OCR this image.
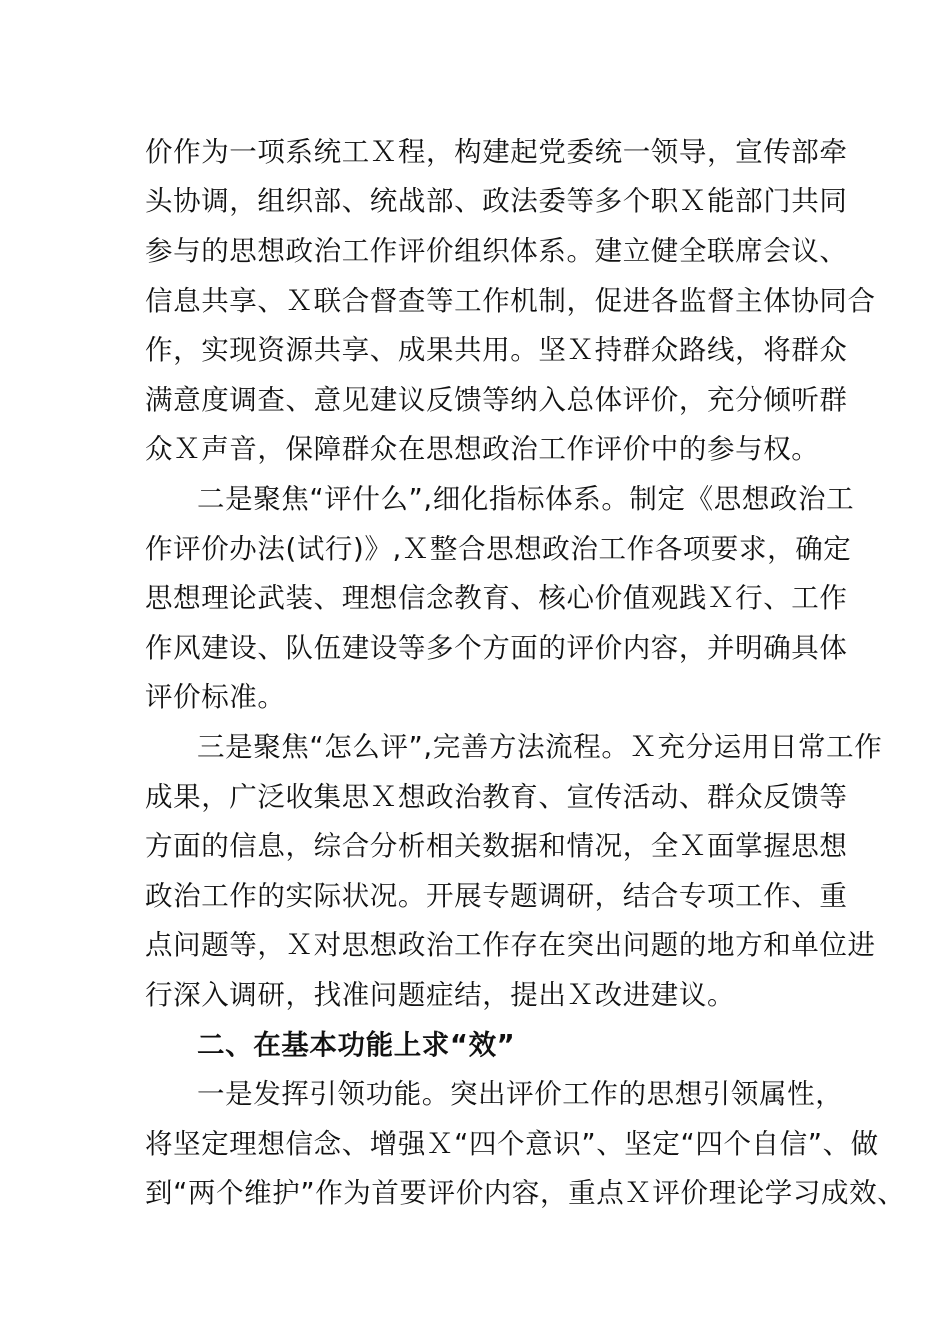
价作为一项系统工Ｘ程，构建起党委统一领导，宣传部牵
头协调，组织部、统战部、政法委等多个职Ｘ能部门共同
参与的思想政治工作评价组织体系。建立健全联席会议、
信息共享、Ｘ联合督查等工作机制，促进各监督主体协同合
作，实现资源共享、成果共用。坚Ｘ持群众路线，将群众
满意度调查、意见建议反馈等纳入总体评价，充分倾听群
众Ｘ声音，保障群众在思想政治工作评价中的参与权。
二是聚焦“评什么”,细化指标体系。制定《思想政治工
作评价办法(试行)》,Ｘ整合思想政治工作各项要求，确定
思想理论武装、理想信念教育、核心价值观践Ｘ行、工作
作风建设、队伍建设等多个方面的评价内容，并明确具体
评价标准。
三是聚焦“怎么评”,完善方法流程。Ｘ充分运用日常工作
成果，广泛收集思Ｘ想政治教育、宣传活动、群众反馈等
方面的信息，综合分析相关数据和情况，全Ｘ面掌握思想
政治工作的实际状况。开展专题调研，结合专项工作、重
点问题等，Ｘ对思想政治工作存在突出问题的地方和单位进
行深入调研，找准问题症结，提出Ｘ改进建议。
二、在基本功能上求“效”
一是发挥引领功能。突出评价工作的思想引领属性，
将坚定理想信念、增强Ｘ“四个意识”、坚定“四个自信”、做
到“两个维护”作为首要评价内容，重点Ｘ评价理论学习成效、
